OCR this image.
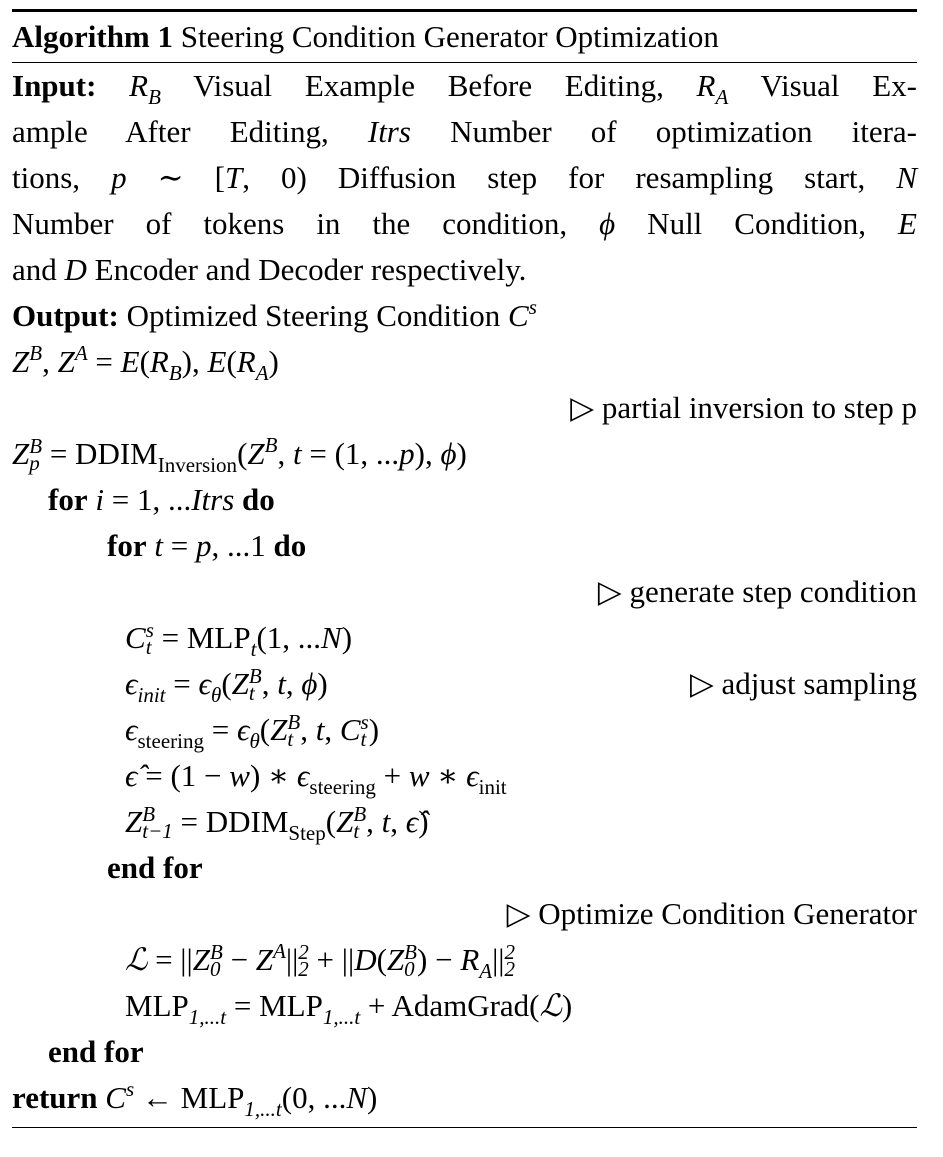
Algorithm 1 Steering Condition Generator Optimization
Input: $R_B$ Visual Example Before Editing, $R_A$ Visual Ex-
ample After Editing, Itrs Number of optimization itera-
tions, p ∼ [T, 0) Diffusion step for resampling start, N
Number of tokens in the condition, ϕ Null Condition, E
and D Encoder and Decoder respectively.
Output: Optimized Steering Condition $C^s$
$Z^B$, $Z^A = E(R_B)$, $E(R_A)$
▷ partial inversion to step p
Z B
$p = DDIM_{Inversion}(Z^B$, t = (1, ...p), ϕ)
for i = 1, ...Itrs do
for t = p, ...1 do
▷ generate step condition
C s
$t = MLP_t(1$, ...N)
$\epsilon_{init} = \epsilon_\theta(Z$ B
t , t, ϕ)	▷ adjust sampling
$\epsilon_{steering} = \epsilon_\theta(Z$ B
t , t, C s
t )
ϵ̂ = (1 − w) ∗ $\epsilon_{steering} + w$ ∗ $\epsilon_{init}$
Z B
$t-1 = DDIM_{Step}(Z$ B
t , t, ϵ̂)
end for
▷ Optimize Condition Generator
ℒ = ||Z B
$0 - Z^A||$ 2
2 + ||D(Z B
0 ) − $R_A||$ 2
2
$MLP_{1,...t} = MLP_{1,...t}$ + AdamGrad(ℒ)
end for
return $C^s$ ← $MLP_{1,...t}(0$, ...N)
